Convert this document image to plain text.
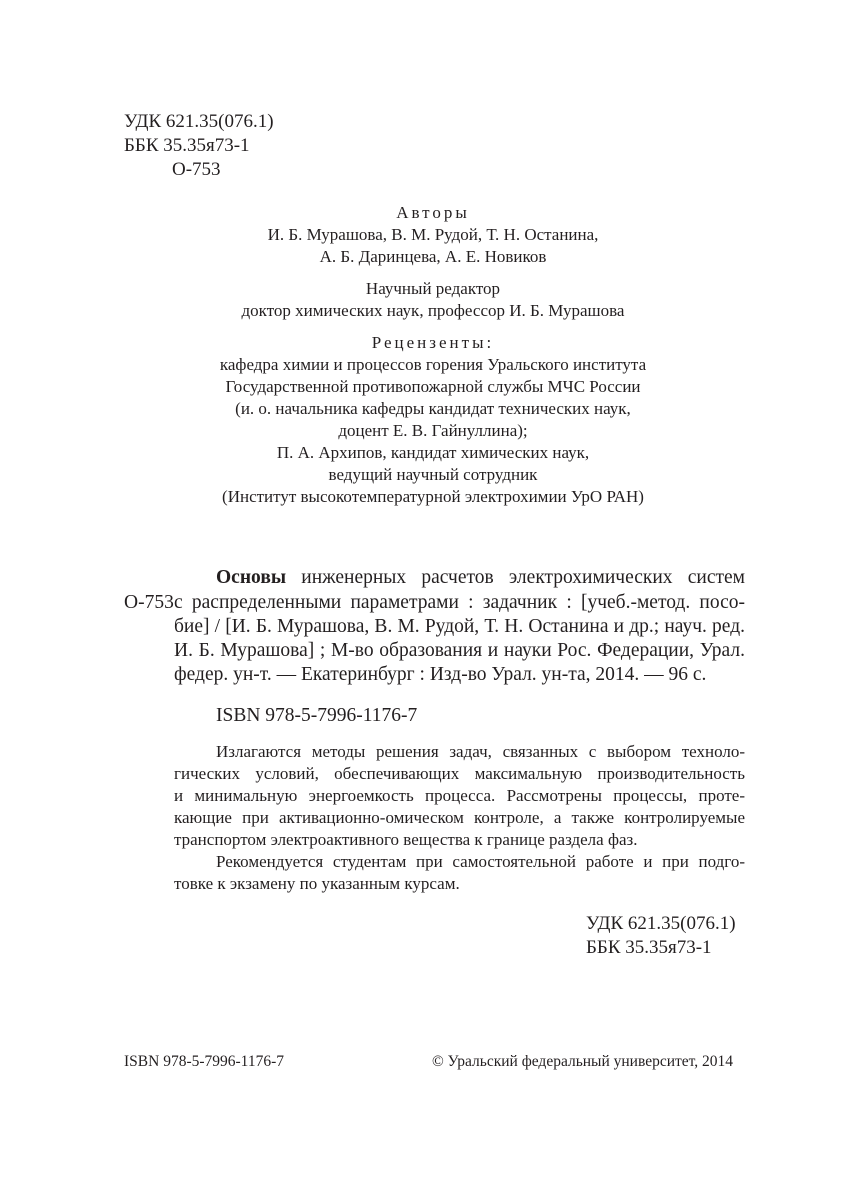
УДК 621.35(076.1)
ББК 35.35я73-1
О-753
Авторы
И. Б. Мурашова, В. М. Рудой, Т. Н. Останина,
А. Б. Даринцева, А. Е. Новиков
Научный редактор
доктор химических наук, профессор И. Б. Мурашова
Рецензенты:
кафедра химии и процессов горения Уральского института
Государственной противопожарной службы МЧС России
(и. о. начальника кафедры кандидат технических наук,
доцент Е. В. Гайнуллина);
П. А. Архипов, кандидат химических наук,
ведущий научный сотрудник
(Институт высокотемпературной электрохимии УрО РАН)
Основы инженерных расчетов электрохимических систем
О-753 с распределенными параметрами : задачник : [учеб.-метод. посо-
бие] / [И. Б. Мурашова, В. М. Рудой, Т. Н. Останина и др.; науч. ред.
И. Б. Мурашова] ; М-во образования и науки Рос. Федерации, Урал.
федер. ун-т. — Екатеринбург : Изд-во Урал. ун-та, 2014. — 96 с.
ISBN 978-5-7996-1176-7
Излагаются методы решения задач, связанных с выбором техноло-
гических условий, обеспечивающих максимальную производительность
и минимальную энергоемкость процесса. Рассмотрены процессы, проте-
кающие при активационно-омическом контроле, а также контролируемые
транспортом электроактивного вещества к границе раздела фаз.
Рекомендуется студентам при самостоятельной работе и при подго-
товке к экзамену по указанным курсам.
УДК 621.35(076.1)
ББК 35.35я73-1
ISBN 978-5-7996-1176-7	© Уральский федеральный университет, 2014
